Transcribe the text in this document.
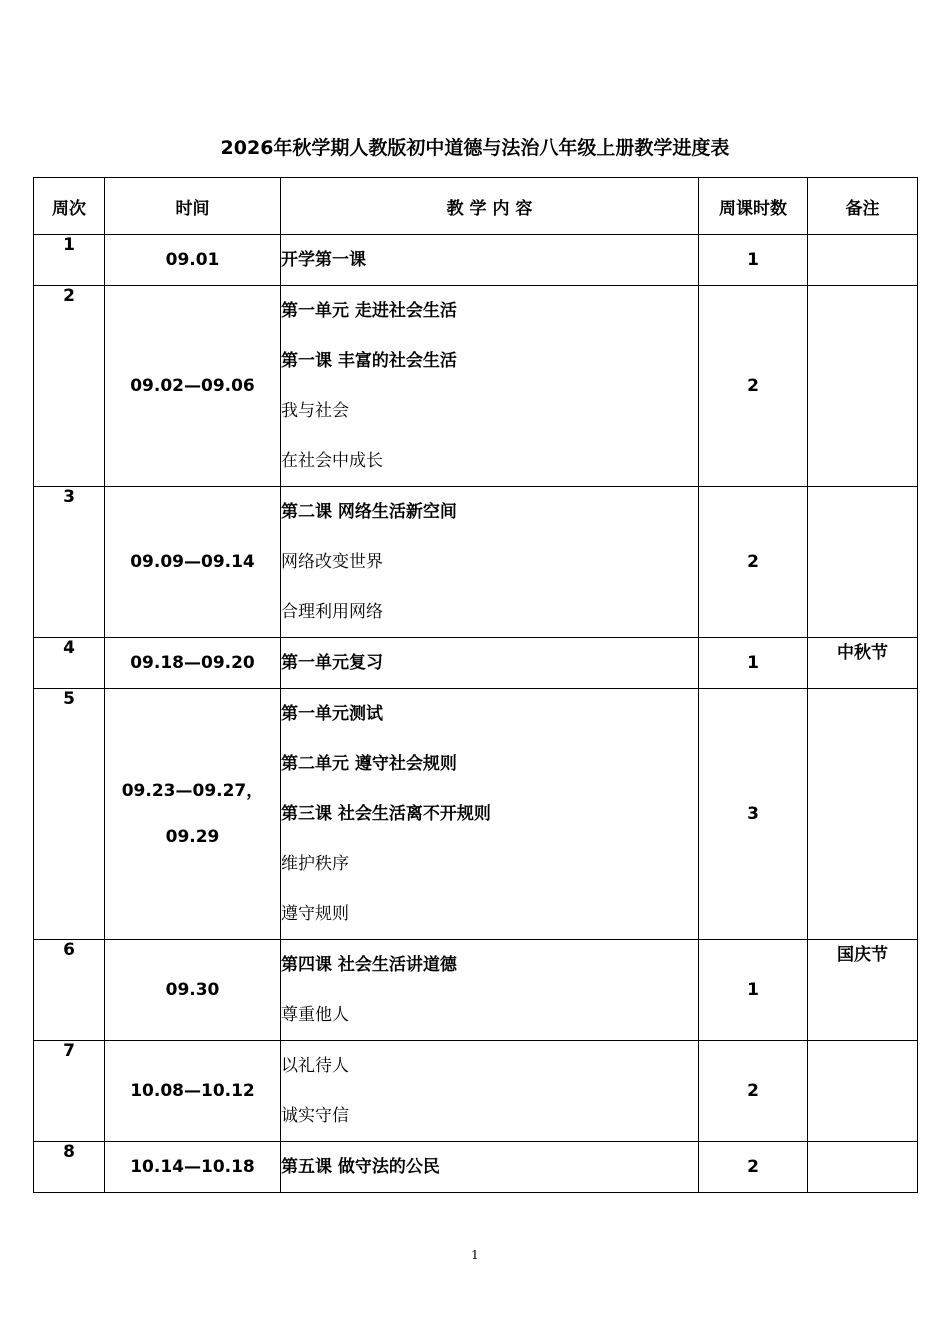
2026年秋学期人教版初中道德与法治八年级上册教学进度表
周次	时间	教 学 内 容	周课时数	备注
1	09.01	开学第一课	1	
2	09.02—09.06	第一单元 走进社会生活
第一课 丰富的社会生活
我与社会
在社会中成长	2	
3	09.09—09.14	第二课 网络生活新空间
网络改变世界
合理利用网络	2	
4	09.18—09.20	第一单元复习	1	中秋节
5	09.23—09.27，09.29	第一单元测试
第二单元 遵守社会规则
第三课 社会生活离不开规则
维护秩序
遵守规则	3	
6	09.30	第四课 社会生活讲道德
尊重他人	1	国庆节
7	10.08—10.12	以礼待人
诚实守信	2	
8	10.14—10.18	第五课 做守法的公民	2	
1
